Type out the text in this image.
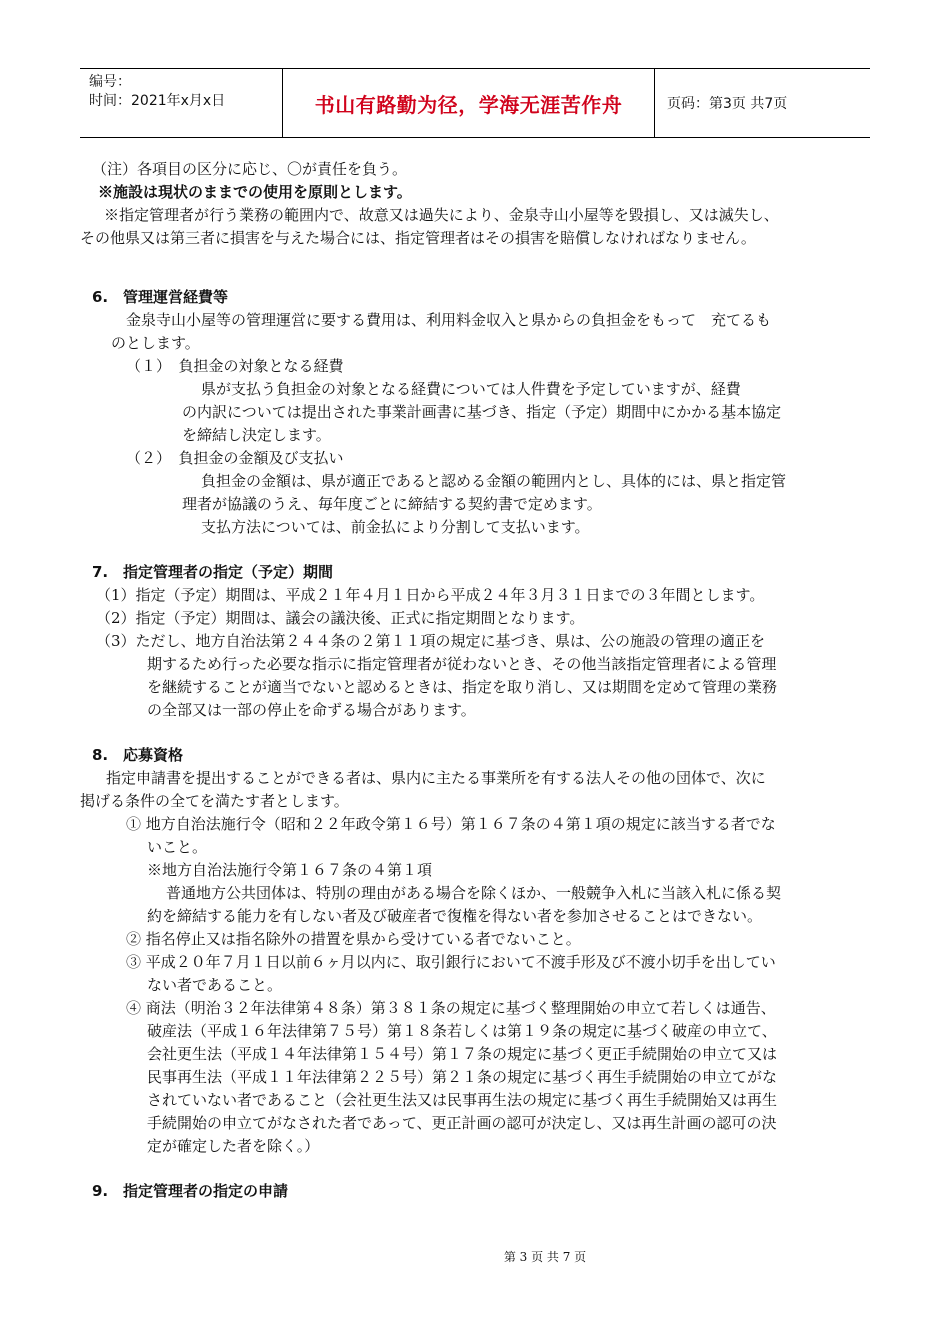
编号：
时间：2021年x月x日	书山有路勤为径，学海无涯苦作舟	页码：第3页 共7页
（注）各項目の区分に応じ、〇が責任を負う。
※施設は現状のままでの使用を原則とします。
※指定管理者が行う業務の範囲内で、故意又は過失により、金泉寺山小屋等を毀損し、又は滅失し、
その他県又は第三者に損害を与えた場合には、指定管理者はその損害を賠償しなければなりません。
6. 管理運営経費等
金泉寺山小屋等の管理運営に要する費用は、利用料金収入と県からの負担金をもって　充てるも
のとします。
（１）　負担金の対象となる経費
県が支払う負担金の対象となる経費については人件費を予定していますが、経費
の内訳については提出された事業計画書に基づき、指定（予定）期間中にかかる基本協定
を締結し決定します。
（２）　負担金の金額及び支払い
負担金の金額は、県が適正であると認める金額の範囲内とし、具体的には、県と指定管
理者が協議のうえ、毎年度ごとに締結する契約書で定めます。
支払方法については、前金払により分割して支払います。
7. 指定管理者の指定（予定）期間
（1）指定（予定）期間は、平成２１年４月１日から平成２４年３月３１日までの３年間とします。
（2）指定（予定）期間は、議会の議決後、正式に指定期間となります。
（3）ただし、地方自治法第２４４条の２第１１項の規定に基づき、県は、公の施設の管理の適正を
期するため行った必要な指示に指定管理者が従わないとき、その他当該指定管理者による管理
を継続することが適当でないと認めるときは、指定を取り消し、又は期間を定めて管理の業務
の全部又は一部の停止を命ずる場合があります。
8. 応募資格
指定申請書を提出することができる者は、県内に主たる事業所を有する法人その他の団体で、次に
掲げる条件の全てを満たす者とします。
① 地方自治法施行令（昭和２２年政令第１６号）第１６７条の４第１項の規定に該当する者でな
いこと。
※地方自治法施行令第１６７条の４第１項
普通地方公共団体は、特別の理由がある場合を除くほか、一般競争入札に当該入札に係る契
約を締結する能力を有しない者及び破産者で復権を得ない者を参加させることはできない。
② 指名停止又は指名除外の措置を県から受けている者でないこと。
③ 平成２０年７月１日以前６ヶ月以内に、取引銀行において不渡手形及び不渡小切手を出してい
ない者であること。
④ 商法（明治３２年法律第４８条）第３８１条の規定に基づく整理開始の申立て若しくは通告、
破産法（平成１６年法律第７５号）第１８条若しくは第１９条の規定に基づく破産の申立て、
会社更生法（平成１４年法律第１５４号）第１７条の規定に基づく更正手続開始の申立て又は
民事再生法（平成１１年法律第２２５号）第２１条の規定に基づく再生手続開始の申立てがな
されていない者であること（会社更生法又は民事再生法の規定に基づく再生手続開始又は再生
手続開始の申立てがなされた者であって、更正計画の認可が決定し、又は再生計画の認可の決
定が確定した者を除く。）
9. 指定管理者の指定の申請
第 3 页 共 7 页
